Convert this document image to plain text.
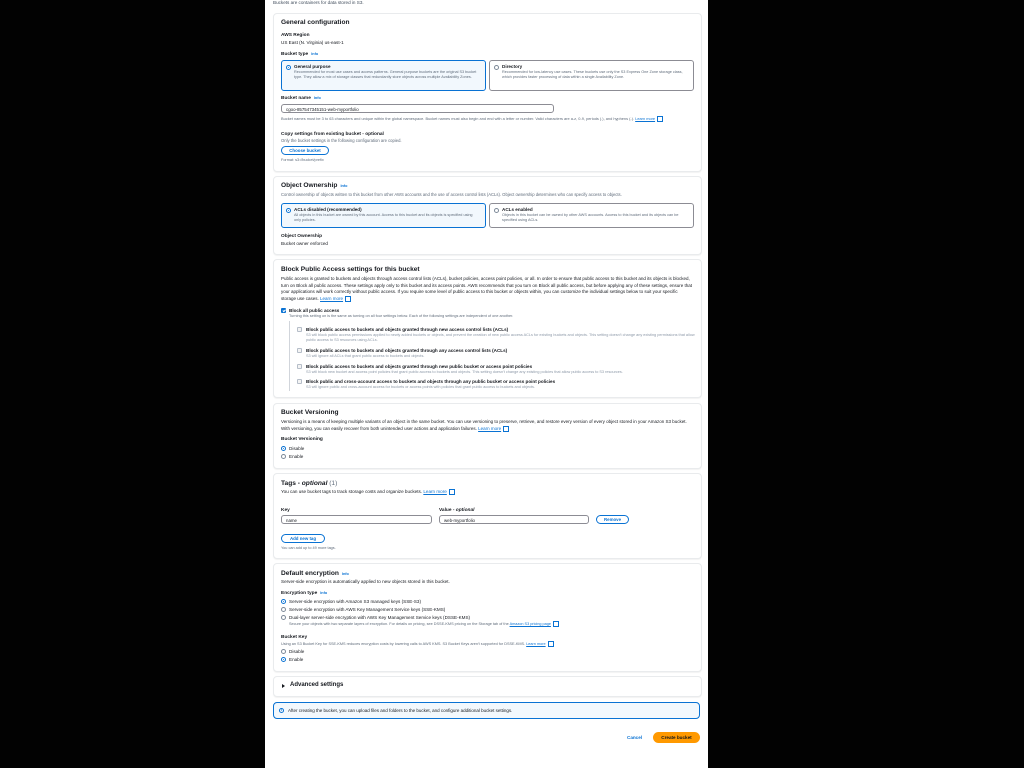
Buckets are containers for data stored in S3.
General configuration
AWS Region
US East (N. Virginia) us-east-1
Bucket type Info
General purpose
Recommended for most use cases and access patterns. General purpose buckets are the original S3 bucket type. They allow a mix of storage classes that redundantly store objects across multiple Availability Zones.
Directory
Recommended for low-latency use cases. These buckets use only the S3 Express One Zone storage class, which provides faster processing of data within a single Availability Zone.
Bucket name Info
cgoo-857547345151-web-myportfolio
Bucket names must be 3 to 63 characters and unique within the global namespace. Bucket names must also begin and end with a letter or number. Valid characters are a-z, 0-9, periods (.), and hyphens (-). Learn more
Copy settings from existing bucket - optional
Only the bucket settings in the following configuration are copied.
Choose bucket
Format: s3://bucket/prefix
Object Ownership Info
Control ownership of objects written to this bucket from other AWS accounts and the use of access control lists (ACLs). Object ownership determines who can specify access to objects.
ACLs disabled (recommended)
All objects in this bucket are owned by this account. Access to this bucket and its objects is specified using only policies.
ACLs enabled
Objects in this bucket can be owned by other AWS accounts. Access to this bucket and its objects can be specified using ACLs.
Object Ownership
Bucket owner enforced
Block Public Access settings for this bucket
Public access is granted to buckets and objects through access control lists (ACLs), bucket policies, access point policies, or all. In order to ensure that public access to this bucket and its objects is blocked, turn on Block all public access. These settings apply only to this bucket and its access points. AWS recommends that you turn on Block all public access, but before applying any of these settings, ensure that your applications will work correctly without public access. If you require some level of public access to this bucket or objects within, you can customize the individual settings below to suit your specific storage use cases. Learn more
Block all public access
Turning this setting on is the same as turning on all four settings below. Each of the following settings are independent of one another.
Block public access to buckets and objects granted through new access control lists (ACLs)
S3 will block public access permissions applied to newly added buckets or objects, and prevent the creation of new public access ACLs for existing buckets and objects. This setting doesn't change any existing permissions that allow public access to S3 resources using ACLs.
Block public access to buckets and objects granted through any access control lists (ACLs)
S3 will ignore all ACLs that grant public access to buckets and objects.
Block public access to buckets and objects granted through new public bucket or access point policies
S3 will block new bucket and access point policies that grant public access to buckets and objects. This setting doesn't change any existing policies that allow public access to S3 resources.
Block public and cross-account access to buckets and objects through any public bucket or access point policies
S3 will ignore public and cross-account access for buckets or access points with policies that grant public access to buckets and objects.
Bucket Versioning
Versioning is a means of keeping multiple variants of an object in the same bucket. You can use versioning to preserve, retrieve, and restore every version of every object stored in your Amazon S3 bucket. With versioning, you can easily recover from both unintended user actions and application failures. Learn more
Bucket Versioning
Disable
Enable
Tags - optional (1)
You can use bucket tags to track storage costs and organize buckets. Learn more
Key	Value - optional
name	web-myportfolio	Remove
Add new tag
You can add up to 49 more tags.
Default encryption Info
Server-side encryption is automatically applied to new objects stored in this bucket.
Encryption type Info
Server-side encryption with Amazon S3 managed keys (SSE-S3)
Server-side encryption with AWS Key Management Service keys (SSE-KMS)
Dual-layer server-side encryption with AWS Key Management Service keys (DSSE-KMS)
Secure your objects with two separate layers of encryption. For details on pricing, see DSSE-KMS pricing on the Storage tab of the Amazon S3 pricing page
Bucket Key
Using an S3 Bucket Key for SSE-KMS reduces encryption costs by lowering calls to AWS KMS. S3 Bucket Keys aren't supported for DSSE-KMS. Learn more
Disable
Enable
Advanced settings
i	After creating the bucket, you can upload files and folders to the bucket, and configure additional bucket settings.
Cancel	Create bucket
